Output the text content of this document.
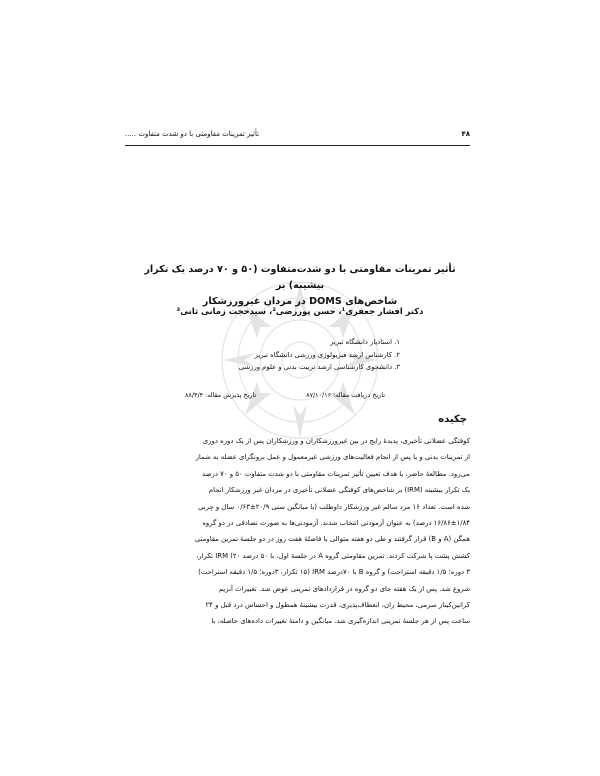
۴۸
تأثیر تمرینات مقاومتی با دو شدت متفاوت .....
تأثیر تمرینات مقاومتی با دو شدت‌متفاوت (۵۰ و ۷۰ درصد یک تکرار بیشینه) بر
شاخص‌های DOMS در مردان غیرورزشکار
دکتر افشار جعفری¹، حسن پوررضی²، سیدحجت زمانی ثانی³
۱. استادیار دانشگاه تبریز
۲. کارشناس ارشد فیزیولوژی ورزشی دانشگاه تبریز
۳. دانشجوی کارشناسی ارشد تربیت بدنی و علوم ورزشی
تاریخ دریافت مقاله: ۸۷/۱۰/۱۶
تاریخ پذیرش مقاله: ۸۸/۴/۴
چکیده
کوفتگی عضلانی تأخیری، پدیدهٔ رایج در بین غیرورزشکاران و ورزشکاران پس از یک دوره دوری
از تمرینات بدنی و یا پس از انجام فعالیت‌های ورزشی غیرمعمول و عمل برونگرای عضله به شمار
می‌رود. مطالعهٔ حاضر، با هدف تعیین تأثیر تمرینات مقاومتی با دو شدت متفاوت ۵۰ و ۷۰ درصد
یک تکرار بیشینه (IRM) بر شاخص‌های کوفتگی عضلانی تأخیری در مردان غیر ورزشکار انجام
شده است. تعداد ۱۶ مرد سالم غیر ورزشکار داوطلب (با میانگین سنی ۲۰/۹±۰/۶۳ سال و چربی
۱۶/۸۶±۱/۸۴ درصد) به عنوان آزمودنی انتخاب شدند. آزمودنی‌ها به صورت تصادفی در دو گروه
همگن (A و B) قرار گرفتند و طی دو هفته متوالی با فاصلهٔ هفت روز در دو جلسهٔ تمرین مقاومتی
کشش پشت پا شرکت کردند. تمرین مقاومتی گروه A در جلسهٔ اول، با ۵۰ درصد IRM (۲۰ تکرار،
۳ دوره؛ ۱/۵ دقیقه استراحت) و گروه B با ۷۰درصد IRM (۱۵ تکرار، ۳دوره؛ ۱/۵ دقیقه استراحت)
شروع شد. پس از یک هفته جای دو گروه در قراردادهای تمرینی عوض شد. تغییرات آنزیم
کراتین‌کیناز سرمی، محیط ران، انعطاف‌پذیری، قدرت بیشینهٔ همطول و احساس درد قبل و ۲۴
ساعت پس از هر جلسهٔ تمرینی اندازه‌گیری شد. میانگین و دامنهٔ تغییرات داده‌های حاصله، با
